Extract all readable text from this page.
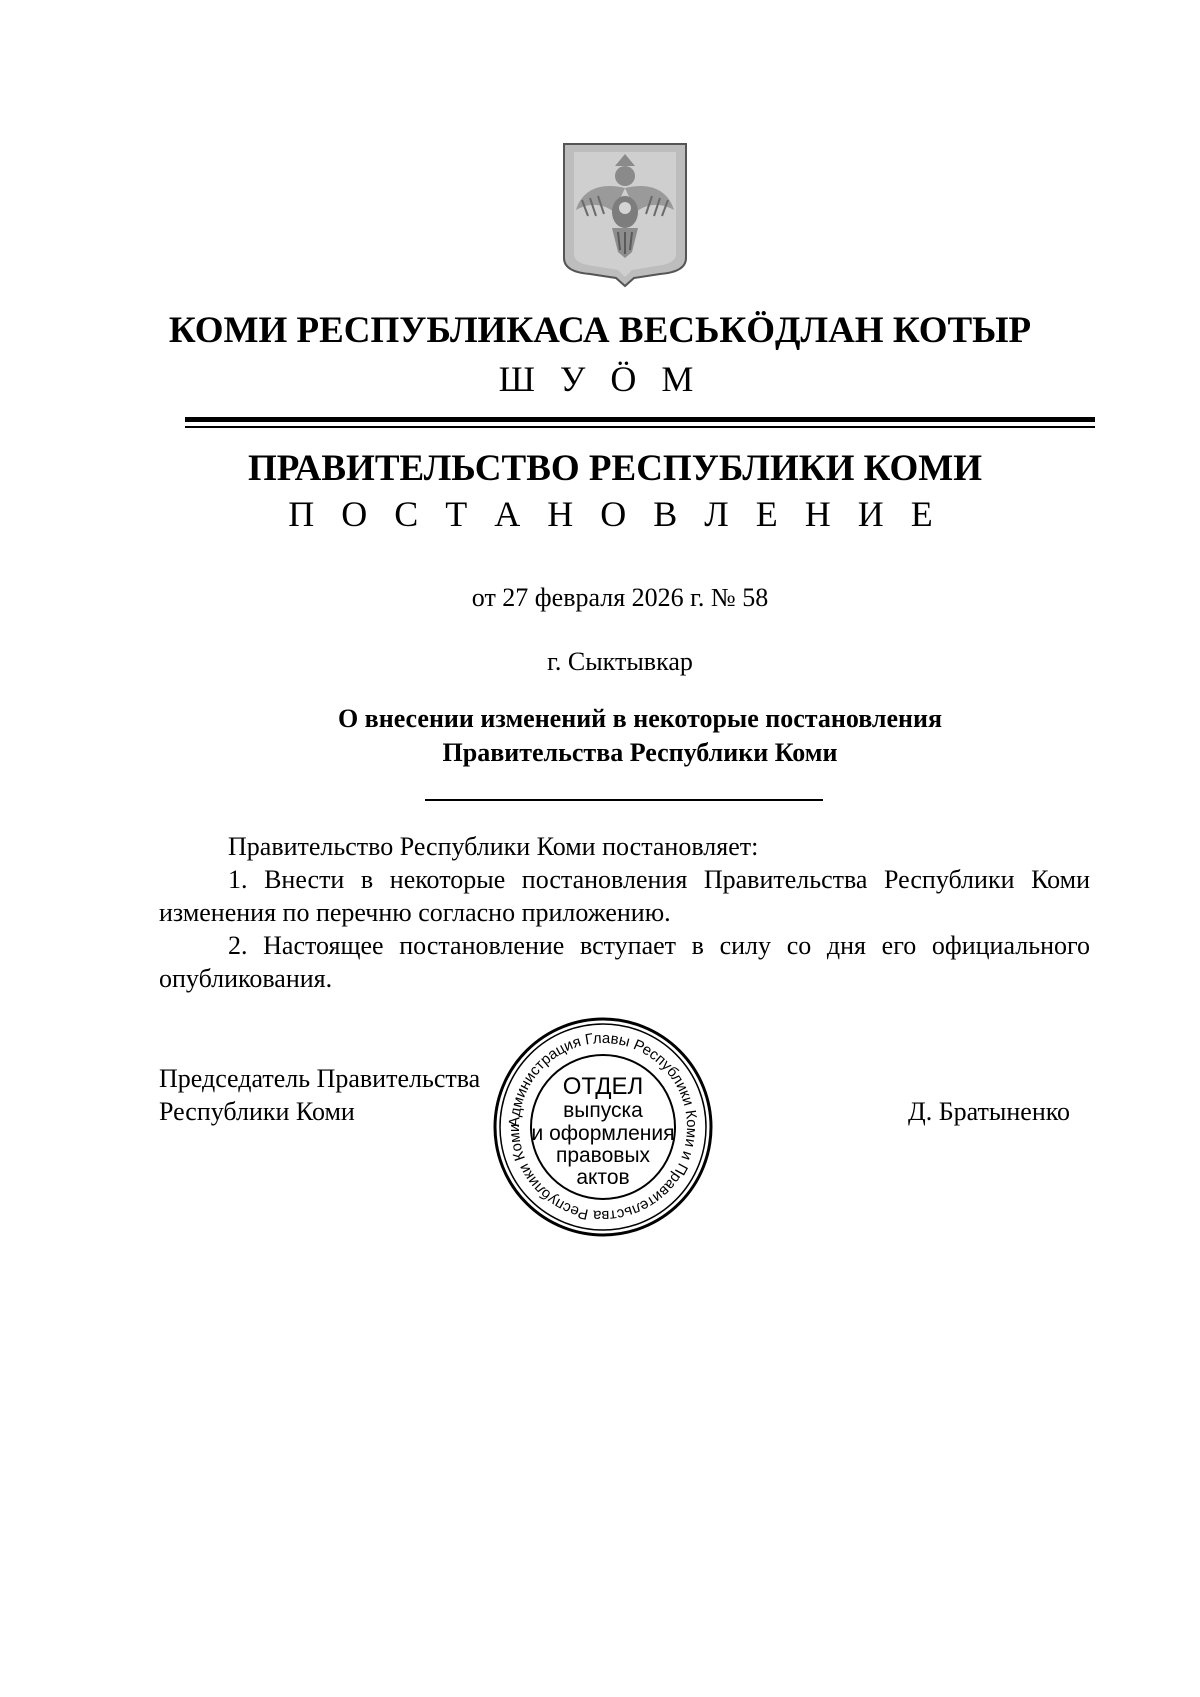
КОМИ РЕСПУБЛИКАСА ВЕСЬКӦДЛАН КОТЫР
Ш У Ӧ М
ПРАВИТЕЛЬСТВО РЕСПУБЛИКИ КОМИ
П О С Т А Н О В Л Е Н И Е
от 27 февраля 2026 г. № 58
г. Сыктывкар
О внесении изменений в некоторые постановления
Правительства Республики Коми

Правительство Республики Коми постановляет:

1. Внести в некоторые постановления Правительства Республики Коми изменения по перечню согласно приложению.

2. Настоящее постановление вступает в силу со дня его официального опубликования.

Председатель Правительства
Республики Коми	Д. Братыненко
Администрация Главы Республики Коми и Правительства Республики Коми
ОТДЕЛ
выпуска
и оформления
правовых
актов
